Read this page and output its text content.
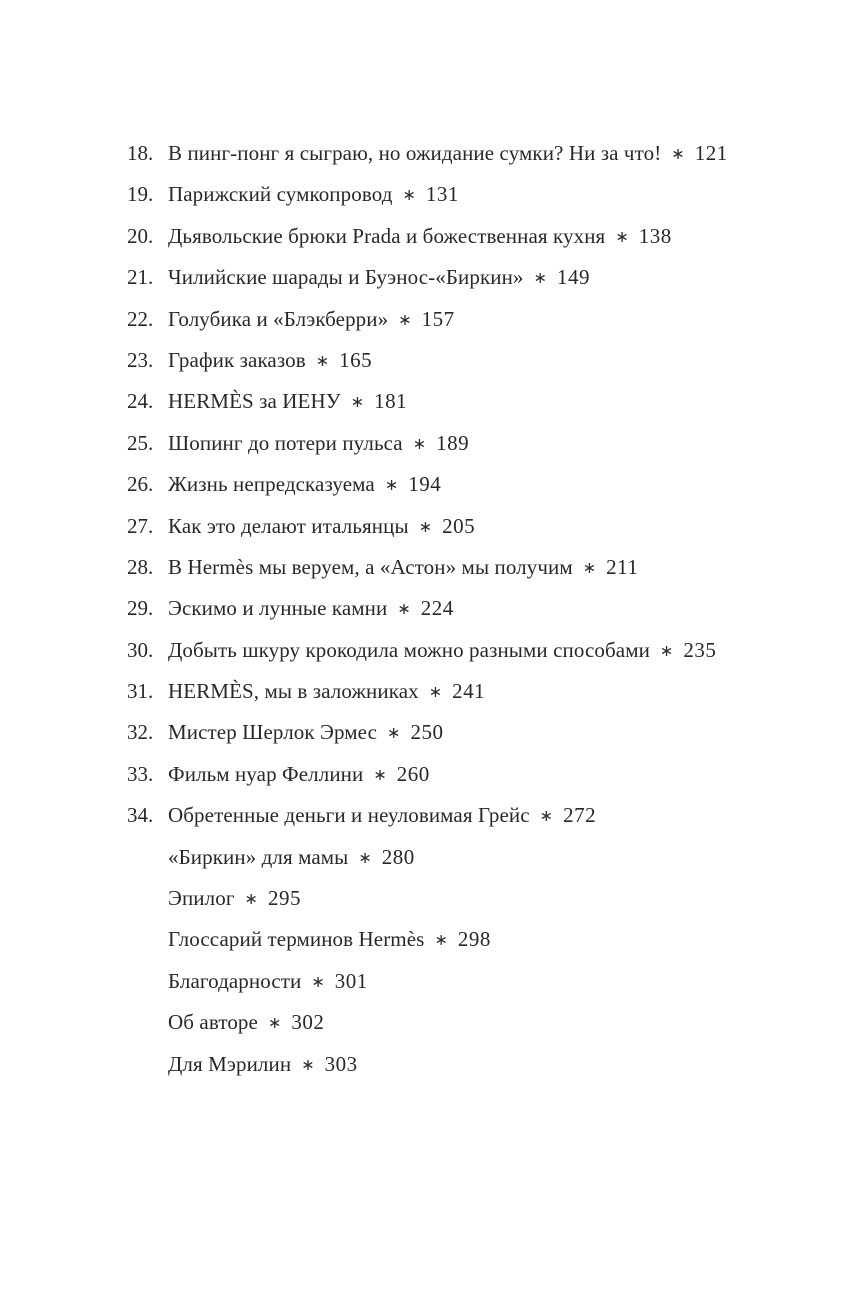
18. В пинг-понг я сыграю, но ожидание сумки? Ни за что! ∗ 121
19. Парижский сумкопровод ∗ 131
20. Дьявольские брюки Prada и божественная кухня ∗ 138
21. Чилийские шарады и Буэнос-«Биркин» ∗ 149
22. Голубика и «Блэкберри» ∗ 157
23. График заказов ∗ 165
24. HERMÈS за ИЕНУ ∗ 181
25. Шопинг до потери пульса ∗ 189
26. Жизнь непредсказуема ∗ 194
27. Как это делают итальянцы ∗ 205
28. В Hermès мы веруем, а «Астон» мы получим ∗ 211
29. Эскимо и лунные камни ∗ 224
30. Добыть шкуру крокодила можно разными способами ∗ 235
31. HERMÈS, мы в заложниках ∗ 241
32. Мистер Шерлок Эрмес ∗ 250
33. Фильм нуар Феллини ∗ 260
34. Обретенные деньги и неуловимая Грейс ∗ 272
«Биркин» для мамы ∗ 280
Эпилог ∗ 295
Глоссарий терминов Hermès ∗ 298
Благодарности ∗ 301
Об авторе ∗ 302
Для Мэрилин ∗ 303
